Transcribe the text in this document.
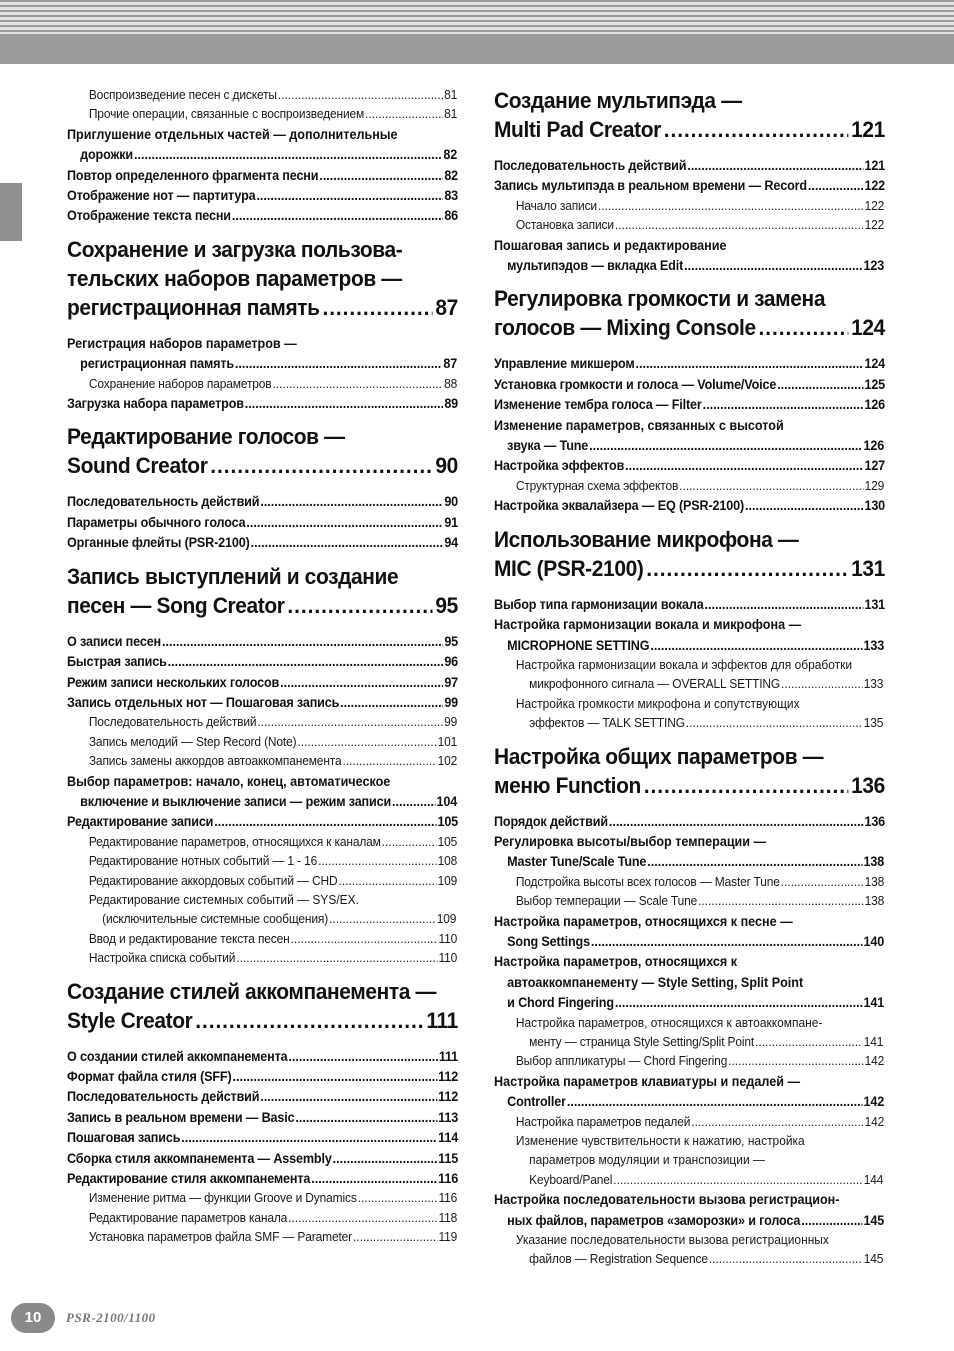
Воспроизведение песен с дискеты .....	81
Прочие операции, связанные с воспроизведением .....	81
Приглушение отдельных частей — дополнительные
дорожки .....	82
Повтор определенного фрагмента песни .....	82
Отображение нот — партитура .....	83
Отображение текста песни .....	86
Сохранение и загрузка пользова-
тельских наборов параметров —
регистрационная память .....	87
Регистрация наборов параметров —
регистрационная память .....	87
Сохранение наборов параметров .....	88
Загрузка набора параметров .....	89
Редактирование голосов —
Sound Creator .....	90
Последовательность действий .....	90
Параметры обычного голоса .....	91
Органные флейты (PSR-2100) .....	94
Запись выступлений и создание
песен — Song Creator .....	95
О записи песен .....	95
Быстрая запись .....	96
Режим записи нескольких голосов .....	97
Запись отдельных нот — Пошаговая запись .....	99
Последовательность действий .....	99
Запись мелодий — Step Record (Note) .....	101
Запись замены аккордов автоаккомпанемента .....	102
Выбор параметров: начало, конец, автоматическое
включение и выключение записи — режим записи .....	104
Редактирование записи .....	105
Редактирование параметров, относящихся к каналам .....	105
Редактирование нотных событий — 1 - 16 .....	108
Редактирование аккордовых событий — CHD .....	109
Редактирование системных событий — SYS/EX.
(исключительные системные сообщения) .....	109
Ввод и редактирование текста песен .....	110
Настройка списка событий .....	110
Создание стилей аккомпанемента —
Style Creator .....	111
О создании стилей аккомпанемента .....	111
Формат файла стиля (SFF) .....	112
Последовательность действий .....	112
Запись в реальном времени — Basic .....	113
Пошаговая запись .....	114
Сборка стиля аккомпанемента — Assembly .....	115
Редактирование стиля аккомпанемента .....	116
Изменение ритма — функции Groove и Dynamics .....	116
Редактирование параметров канала .....	118
Установка параметров файла SMF — Parameter .....	119
Создание мультипэда —
Multi Pad Creator .....	121
Последовательность действий .....	121
Запись мультипэда в реальном времени — Record .....	122
Начало записи .....	122
Остановка записи .....	122
Пошаговая запись и редактирование
мультипэдов — вкладка Edit .....	123
Регулировка громкости и замена
голосов — Mixing Console .....	124
Управление микшером .....	124
Установка громкости и голоса — Volume/Voice .....	125
Изменение тембра голоса — Filter .....	126
Изменение параметров, связанных с высотой
звука — Tune .....	126
Настройка эффектов .....	127
Структурная схема эффектов .....	129
Настройка эквалайзера — EQ (PSR-2100) .....	130
Использование микрофона —
MIC (PSR-2100) .....	131
Выбор типа гармонизации вокала .....	131
Настройка гармонизации вокала и микрофона —
MICROPHONE SETTING .....	133
Настройка гармонизации вокала и эффектов для обработки
микрофонного сигнала — OVERALL SETTING .....	133
Настройка громкости микрофона и сопутствующих
эффектов — TALK SETTING .....	135
Настройка общих параметров —
меню Function .....	136
Порядок действий .....	136
Регулировка высоты/выбор темперации —
Master Tune/Scale Tune .....	138
Подстройка высоты всех голосов — Master Tune .....	138
Выбор темперации — Scale Tune .....	138
Настройка параметров, относящихся к песне —
Song Settings .....	140
Настройка параметров, относящихся к
автоаккомпанементу — Style Setting, Split Point
и Chord Fingering .....	141
Настройка параметров, относящихся к автоаккомпане-
менту — страница Style Setting/Split Point .....	141
Выбор аппликатуры — Chord Fingering .....	142
Настройка параметров клавиатуры и педалей —
Controller .....	142
Настройка параметров педалей .....	142
Изменение чувствительности к нажатию, настройка
параметров модуляции и транспозиции —
Keyboard/Panel .....	144
Настройка последовательности вызова регистрацион-
ных файлов, параметров «заморозки» и голоса .....	145
Указание последовательности вызова регистрационных
файлов — Registration Sequence .....	145
10	PSR-2100/1100
